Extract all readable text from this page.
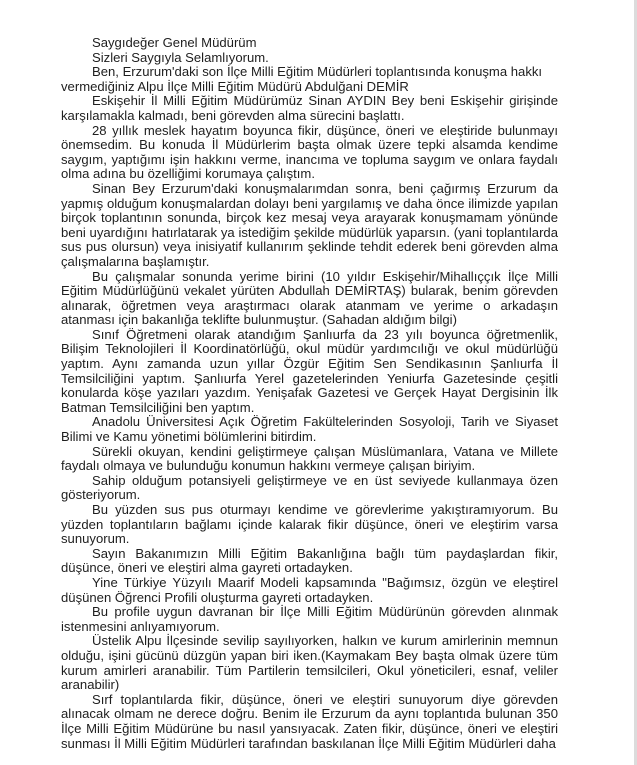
Saygıdeğer Genel Müdürüm

Sizleri Saygıyla Selamlıyorum.

Ben, Erzurum'daki son İlçe Milli Eğitim Müdürleri toplantısında konuşma hakkı vermediğiniz Alpu İlçe Milli Eğitim Müdürü Abdulğani DEMİR

Eskişehir İl Milli Eğitim Müdürümüz Sinan AYDIN Bey beni Eskişehir girişinde karşılamakla kalmadı, beni görevden alma sürecini başlattı.

28 yıllık meslek hayatım boyunca fikir, düşünce, öneri ve eleştiride bulunmayı önemsedim. Bu konuda İl Müdürlerim başta olmak üzere tepki alsamda kendime saygım, yaptığımı işin hakkını verme, inancıma ve topluma saygım ve onlara faydalı olma adına bu özelliğimi korumaya çalıştım.

Sinan Bey Erzurum'daki konuşmalarımdan sonra, beni çağırmış Erzurum da yapmış olduğum konuşmalardan dolayı beni yargılamış ve daha önce ilimizde yapılan birçok toplantının sonunda, birçok kez mesaj veya arayarak konuşmamam yönünde beni uyardığını hatırlatarak ya istediğim şekilde müdürlük yaparsın. (yani toplantılarda sus pus olursun) veya inisiyatif kullanırım şeklinde tehdit ederek beni görevden alma çalışmalarına başlamıştır.

Bu çalışmalar sonunda yerime birini (10 yıldır Eskişehir/Mihallıççık İlçe Milli Eğitim Müdürlüğünü vekalet yürüten Abdullah DEMİRTAŞ) bularak, benim görevden alınarak, öğretmen veya araştırmacı olarak atanmam ve yerime o arkadaşın atanması için bakanlığa teklifte bulunmuştur. (Sahadan aldığım bilgi)

Sınıf Öğretmeni olarak atandığım Şanlıurfa da 23 yılı boyunca öğretmenlik, Bilişim Teknolojileri İl Koordinatörlüğü, okul müdür yardımcılığı ve okul müdürlüğü yaptım. Aynı zamanda uzun yıllar Özgür Eğitim Sen Sendikasının Şanlıurfa İl Temsilciliğini yaptım. Şanlıurfa Yerel gazetelerinden Yeniurfa Gazetesinde çeşitli konularda köşe yazıları yazdım. Yenişafak Gazetesi ve Gerçek Hayat Dergisinin İlk Batman Temsilciliğini ben yaptım.

Anadolu Üniversitesi Açık Öğretim Fakültelerinden Sosyoloji, Tarih ve Siyaset Bilimi ve Kamu yönetimi bölümlerini bitirdim.

Sürekli okuyan, kendini geliştirmeye çalışan Müslümanlara, Vatana ve Millete faydalı olmaya ve bulunduğu konumun hakkını vermeye çalışan biriyim.

Sahip olduğum potansiyeli geliştirmeye ve en üst seviyede kullanmaya özen gösteriyorum.

Bu yüzden sus pus oturmayı kendime ve görevlerime yakıştıramıyorum. Bu yüzden toplantıların bağlamı içinde kalarak fikir düşünce, öneri ve eleştirim varsa sunuyorum.

Sayın Bakanımızın Milli Eğitim Bakanlığına bağlı tüm paydaşlardan fikir, düşünce, öneri ve eleştiri alma gayreti ortadayken.

Yine Türkiye Yüzyılı Maarif Modeli kapsamında "Bağımsız, özgün ve eleştirel düşünen Öğrenci Profili oluşturma gayreti ortadayken.

Bu profile uygun davranan bir İlçe Milli Eğitim Müdürünün görevden alınmak istenmesini anlıyamıyorum.

Üstelik Alpu İlçesinde sevilip sayılıyorken, halkın ve kurum amirlerinin memnun olduğu, işini gücünü düzgün yapan biri iken.(Kaymakam Bey başta olmak üzere tüm kurum amirleri aranabilir. Tüm Partilerin temsilcileri, Okul yöneticileri, esnaf, veliler aranabilir)

Sırf toplantılarda fikir, düşünce, öneri ve eleştiri sunuyorum diye görevden alınacak olmam ne derece doğru. Benim ile Erzurum da aynı toplantıda bulunan 350 İlçe Milli Eğitim Müdürüne bu nasıl yansıyacak. Zaten fikir, düşünce, öneri ve eleştiri sunması İl Milli Eğitim Müdürleri tarafından baskılanan İlçe Milli Eğitim Müdürleri daha
